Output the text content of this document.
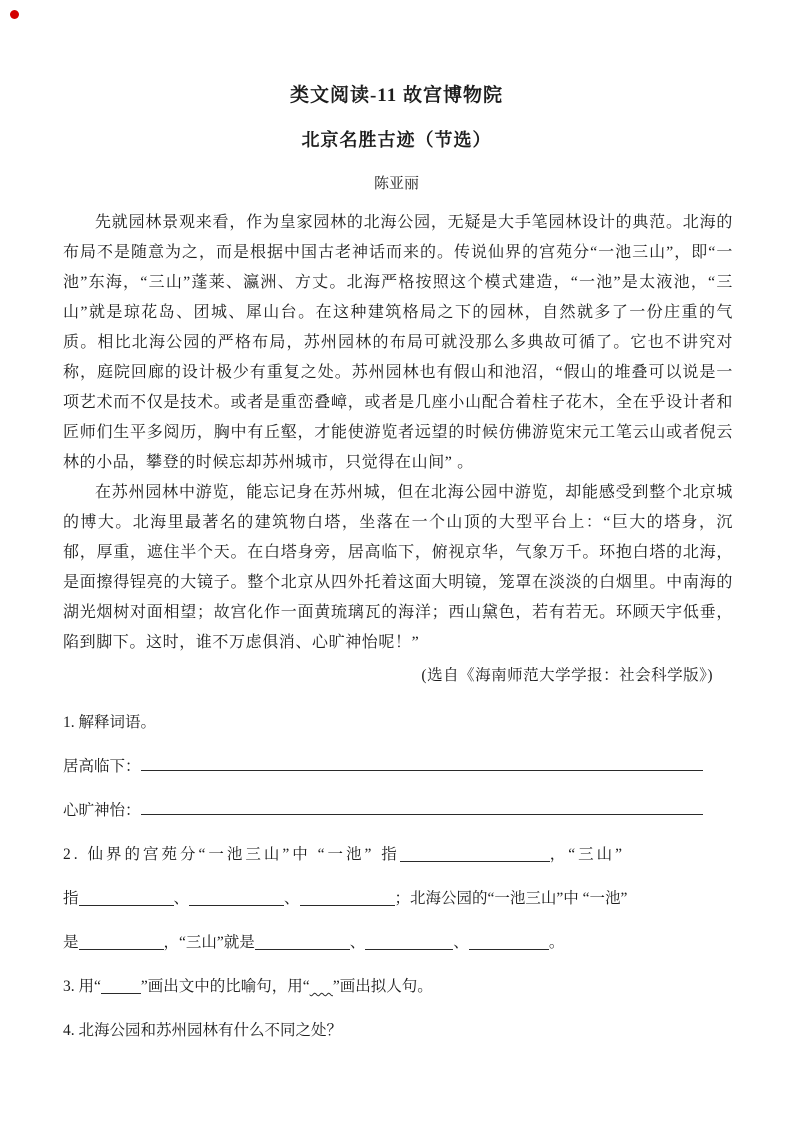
类文阅读-11 故宫博物院
北京名胜古迹（节选）
陈亚丽

先就园林景观来看，作为皇家园林的北海公园，无疑是大手笔园林设计的典范。北海的布局不是随意为之，而是根据中国古老神话而来的。传说仙界的宫苑分“一池三山”，即“一池”东海，“三山”蓬莱、瀛洲、方丈。北海严格按照这个模式建造，“一池”是太液池，“三山”就是琼花岛、团城、犀山台。在这种建筑格局之下的园林，自然就多了一份庄重的气质。相比北海公园的严格布局，苏州园林的布局可就没那么多典故可循了。它也不讲究对称，庭院回廊的设计极少有重复之处。苏州园林也有假山和池沼，“假山的堆叠可以说是一项艺术而不仅是技术。或者是重峦叠嶂，或者是几座小山配合着柱子花木，全在乎设计者和匠师们生平多阅历，胸中有丘壑，才能使游览者远望的时候仿佛游览宋元工笔云山或者倪云林的小品，攀登的时候忘却苏州城市，只觉得在山间” 。

在苏州园林中游览，能忘记身在苏州城，但在北海公园中游览，却能感受到整个北京城的博大。北海里最著名的建筑物白塔，坐落在一个山顶的大型平台上：“巨大的塔身，沉郁，厚重，遮住半个天。在白塔身旁，居高临下，俯视京华，气象万千。环抱白塔的北海，是面擦得锃亮的大镜子。整个北京从四外托着这面大明镜，笼罩在淡淡的白烟里。中南海的湖光烟树对面相望；故宫化作一面黄琉璃瓦的海洋；西山黛色，若有若无。环顾天宇低垂，陷到脚下。这时，谁不万虑俱消、心旷神怡呢！”

(选自《海南师范大学学报：社会科学版》)
1. 解释词语。
居高临下：
心旷神怡：
2. 仙界的宫苑分“一池三山”中 “一池” 指	，“三山”
指	、	、	；北海公园的“一池三山”中 “一池”
是	，“三山”就是	、	、	。
3. 用“	”画出文中的比喻句，用“ ”画出拟人句。
4. 北海公园和苏州园林有什么不同之处？
